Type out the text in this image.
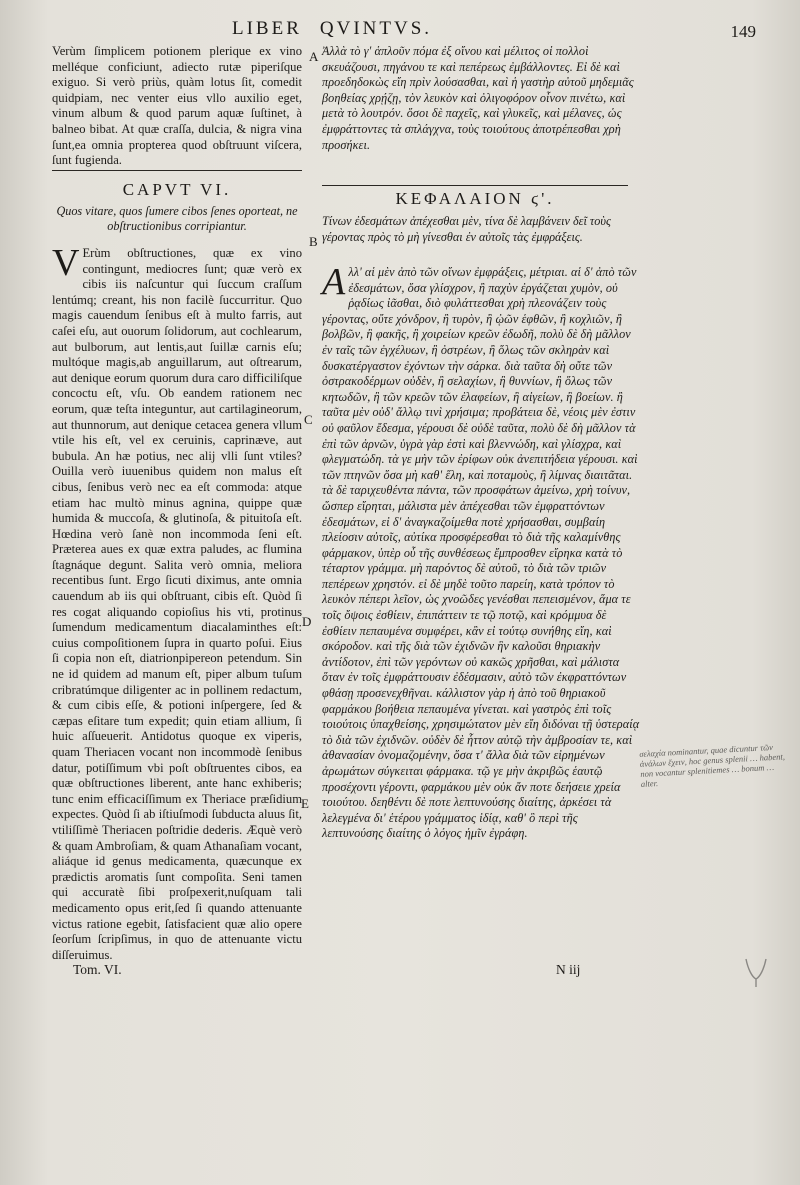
LIBER QVINTVS.	149

Verùm ſimplicem potionem plerique ex vino melléque conficiunt, adiecto rutæ piperiſque exiguo. Si verò priùs, quàm lotus ſit, comedit quidpiam, nec venter eius vllo auxilio eget, vinum album & quod parum aquæ ſuſtinet, à balneo bibat. At quæ craſſa, dulcia, & nigra vina ſunt,ea omnia propterea quod obſtruunt viſcera, ſunt fugienda.

Ἀλλὰ τὸ γ' ἁπλοῦν πόμα ἐξ οἴνου καὶ μέλιτος οἱ πολλοὶ σκευάζουσι, πηγάνου τε καὶ πεπέρεως ἐμβάλλοντες. Εἰ δὲ καὶ προεδηδοκὼς εἴη πρὶν λούσασθαι, καὶ ἡ γαστὴρ αὐτοῦ μηδεμιᾶς βοηθείας χρῄζῃ, τὸν λευκὸν καὶ ὀλιγοφόρον οἶνον πινέτω, καὶ μετὰ τὸ λουτρόν. ὅσοι δὲ παχεῖς, καὶ γλυκεῖς, καὶ μέλανες, ὡς ἐμφράττοντες τὰ σπλάγχνα, τοὺς τοιούτους ἀποτρέπεσθαι χρὴ προσήκει.

CAPVT VI.	ΚΕΦΑΛΑΙΟΝ ϛ'.
Quos vitare, quos ſumere cibos ſenes oporteat, ne obſtructionibus corripiantur.	Τίνων ἐδεσμάτων ἀπέχεσθαι μὲν, τίνα δὲ λαμβάνειν δεῖ τοὺς γέροντας πρὸς τὸ μὴ γίνεσθαι ἐν αὐτοῖς τὰς ἐμφράξεις.
V Erùm obſtructiones, quæ ex vino contingunt, mediocres ſunt; quæ verò ex cibis iis naſcuntur qui ſuccum craſſum lentúmq; creant, his non facilè ſuccurritur. Quo magis cauendum ſenibus eſt à multo farris, aut caſei eſu, aut ouorum ſolidorum, aut cochlearum, aut bulborum, aut lentis,aut ſuillæ carnis eſu; multóque magis,ab anguillarum, aut oſtrearum, aut denique eorum quorum dura caro difficiliſque concoctu eſt, vſu. Ob eandem rationem nec eorum, quæ teſta integuntur, aut cartilagineorum, aut thunnorum, aut denique cetacea genera vllum vtile his eſt, vel ex ceruinis, caprinæve, aut bubula. An hæ potius, nec alij vlli ſunt vtiles? Ouilla verò iuuenibus quidem non malus eſt cibus, ſenibus verò nec ea eſt commoda: atque etiam hac multò minus agnina, quippe quæ humida & muccoſa, & glutinoſa, & pituitoſa eſt. Hœdina verò ſanè non incommoda ſeni eſt. Præterea aues ex quæ extra paludes, ac flumina ſtagnáque degunt. Salita verò omnia, meliora recentibus ſunt. Ergo ſicuti diximus, ante omnia cauendum ab iis qui obſtruant, cibis eſt. Quòd ſi res cogat aliquando copioſius his vti, protinus ſumendum medicamentum diacalaminthes eſt: cuius compoſitionem ſupra in quarto poſui. Eius ſi copia non eſt, diatrionpipereon petendum. Sin ne id quidem ad manum eſt, piper album tuſum cribratúmque diligenter ac in pollinem redactum, & cum cibis eſſe, & potioni inſpergere, ſed & cæpas eſitare tum expedit; quin etiam allium, ſi huic aſſueuerit. Antidotus quoque ex viperis, quam Theriacen vocant non incommodè ſenibus datur, potiſſimum vbi poſt obſtruentes cibos, ea quæ obſtructiones liberent, ante hanc exhiberis; tunc enim efficaciſſimum ex Theriace præſidium expectes. Quòd ſi ab iſtiuſmodi ſubducta aluus ſit, vtiliſſimè Theriacen poſtridie dederis. Æquè verò & quam Ambroſiam, & quam Athanaſiam vocant, aliáque id genus medicamenta, quæcunque ex prædictis aromatis ſunt compoſita. Seni tamen qui accuratè ſibi proſpexerit,nuſquam tali medicamento opus erit,ſed ſi quando attenuante victus ratione egebit, ſatisfacient quæ alio opere ſeorſum ſcripſimus, in quo de attenuante victu diſſeruimus.
Α λλ' αἱ μὲν ἀπὸ τῶν οἴνων ἐμφράξεις, μέτριαι. αἱ δ' ἀπὸ τῶν ἐδεσμάτων, ὅσα γλίσχρον, ἢ παχὺν ἐργάζεται χυμὸν, οὐ ῥᾳδίως ἰᾶσθαι, διὸ φυλάττεσθαι χρὴ πλεονάζειν τοὺς γέροντας, οὔτε χόνδρον, ἢ τυρὸν, ἢ ᾠῶν ἑφθῶν, ἢ κοχλιῶν, ἢ βολβῶν, ἢ φακῆς, ἢ χοιρείων κρεῶν ἐδωδῆ, πολὺ δὲ δὴ μᾶλλον ἐν ταῖς τῶν ἐγχέλυων, ἢ ὀστρέων, ἢ ὅλως τῶν σκληρὰν καὶ δυσκατέργαστον ἐχόντων τὴν σάρκα. διὰ ταῦτα δὴ οὔτε τῶν ὀστρακοδέρμων οὐδὲν, ἢ σελαχίων, ἢ θυννίων, ἢ ὅλως τῶν κητωδῶν, ἢ τῶν κρεῶν τῶν ἐλαφείων, ἢ αἰγείων, ἢ βοείων. ἢ ταῦτα μὲν οὐδ' ἄλλῳ τινὶ χρήσιμα; προβάτεια δὲ, νέοις μὲν ἐστιν οὐ φαῦλον ἔδεσμα, γέρουσι δὲ οὐδὲ ταῦτα, πολὺ δὲ δὴ μᾶλλον τὰ ἐπὶ τῶν ἀρνῶν, ὑγρὰ γὰρ ἐστὶ καὶ βλεννώδη, καὶ γλίσχρα, καὶ φλεγματώδη. τὰ γε μὴν τῶν ἐρίφων οὐκ ἀνεπιτήδεια γέρουσι. καὶ τῶν πτηνῶν ὅσα μὴ καθ' ἕλη, καὶ ποταμοὺς, ἢ λίμνας διαιτᾶται. τὰ δὲ ταριχευθέντα πάντα, τῶν προσφάτων ἀμείνω, χρὴ τοίνυν, ὥσπερ εἴρηται, μάλιστα μὲν ἀπέχεσθαι τῶν ἐμφραττόντων ἐδεσμάτων, εἰ δ' ἀναγκαζοίμεθα ποτὲ χρήσασθαι, συμβαίη πλείοσιν αὐτοῖς, αὐτίκα προσφέρεσθαι τὸ διὰ τῆς καλαμίνθης φάρμακον, ὑπὲρ οὗ τῆς συνθέσεως ἔμπροσθεν εἴρηκα κατὰ τὸ τέταρτον γράμμα. μὴ παρόντος δὲ αὐτοῦ, τὸ διὰ τῶν τριῶν πεπέρεων χρηστόν. εἰ δὲ μηδὲ τοῦτο παρείη, κατὰ τρόπον τὸ λευκὸν πέπερι λεῖον, ὡς χνοῶδες γενέσθαι πεπεισμένον, ἅμα τε τοῖς ὄψοις ἐσθίειν, ἐπιπάττειν τε τῷ ποτῷ, καὶ κρόμμυα δὲ ἐσθίειν πεπαυμένα συμφέρει, κἂν εἰ τούτῳ συνήθης εἴη, καὶ σκόροδον. καὶ τῆς διὰ τῶν ἐχιδνῶν ἣν καλοῦσι θηριακὴν ἀντίδοτον, ἐπὶ τῶν γερόντων οὐ κακῶς χρῆσθαι, καὶ μάλιστα ὅταν ἐν τοῖς ἐμφράττουσιν ἐδέσμασιν, αὐτὸ τῶν ἐκφραττόντων φθάσῃ προσενεχθῆναι. κάλλιστον γὰρ ἡ ἀπὸ τοῦ θηριακοῦ φαρμάκου βοήθεια πεπαυμένα γίνεται. καὶ γαστρὸς ἐπὶ τοῖς τοιούτοις ὑπαχθείσης, χρησιμώτατον μὲν εἴη διδόναι τῇ ὑστεραίᾳ τὸ διὰ τῶν ἐχιδνῶν. οὐδὲν δὲ ἧττον αὐτῷ τὴν ἀμβροσίαν τε, καὶ ἀθανασίαν ὀνομαζομένην, ὅσα τ' ἄλλα διὰ τῶν εἰρημένων ἀρωμάτων σύγκειται φάρμακα. τῷ γε μὴν ἀκριβῶς ἑαυτῷ προσέχοντι γέροντι, φαρμάκου μὲν οὐκ ἄν ποτε δεήσειε χρεία τοιούτου. δεηθέντι δὲ ποτε λεπτυνούσης διαίτης, ἀρκέσει τὰ λελεγμένα δι' ἑτέρου γράμματος ἰδίᾳ, καθ' ὃ περὶ τῆς λεπτυνούσης διαίτης ὁ λόγος ἡμῖν ἐγράφη.
A
B
C
D
E
σελαχία nominantur, quae dicuntur τῶν ἀνάλων ἔχειν, hoc genus splenii … habent, non vocantur splenitiemes … bonum … alter.
Tom. VI.	N iij
